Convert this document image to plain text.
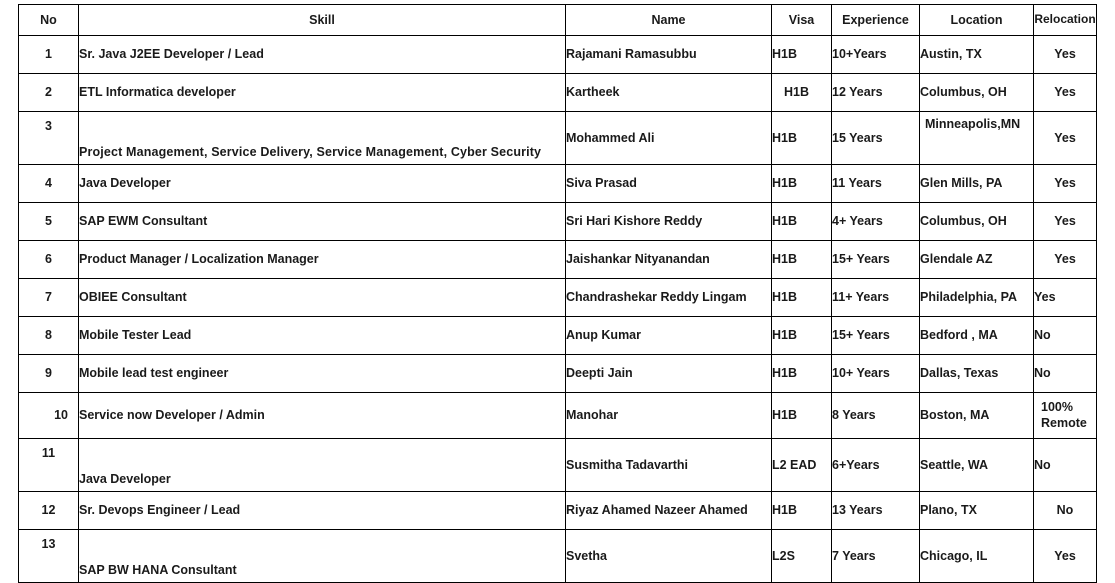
No	Skill	Name	Visa	Experience	Location	Relocation
1	Sr. Java J2EE Developer / Lead	Rajamani Ramasubbu	H1B	10+Years	Austin, TX	Yes
2	ETL Informatica developer	Kartheek	H1B	12 Years	Columbus, OH	Yes
3	Project Management, Service Delivery, Service Management, Cyber Security	Mohammed Ali	H1B	15 Years	Minneapolis,MN	Yes
4	Java Developer	Siva Prasad	H1B	11 Years	Glen Mills, PA	Yes
5	SAP EWM Consultant	Sri Hari Kishore Reddy	H1B	4+ Years	Columbus, OH	Yes
6	Product Manager / Localization Manager	Jaishankar Nityanandan	H1B	15+ Years	Glendale AZ	Yes
7	OBIEE Consultant	Chandrashekar Reddy Lingam	H1B	11+ Years	Philadelphia, PA	Yes
8	Mobile Tester Lead	Anup Kumar	H1B	15+ Years	Bedford , MA	No
9	Mobile lead test engineer	Deepti Jain	H1B	10+ Years	Dallas, Texas	No
10	Service now Developer / Admin	Manohar	H1B	8 Years	Boston, MA	100% Remote
11	Java Developer	Susmitha Tadavarthi	L2 EAD	6+Years	Seattle, WA	No
12	Sr. Devops Engineer / Lead	Riyaz Ahamed Nazeer Ahamed	H1B	13 Years	Plano, TX	No
13	SAP BW HANA Consultant	Svetha	L2S	7 Years	Chicago, IL	Yes
